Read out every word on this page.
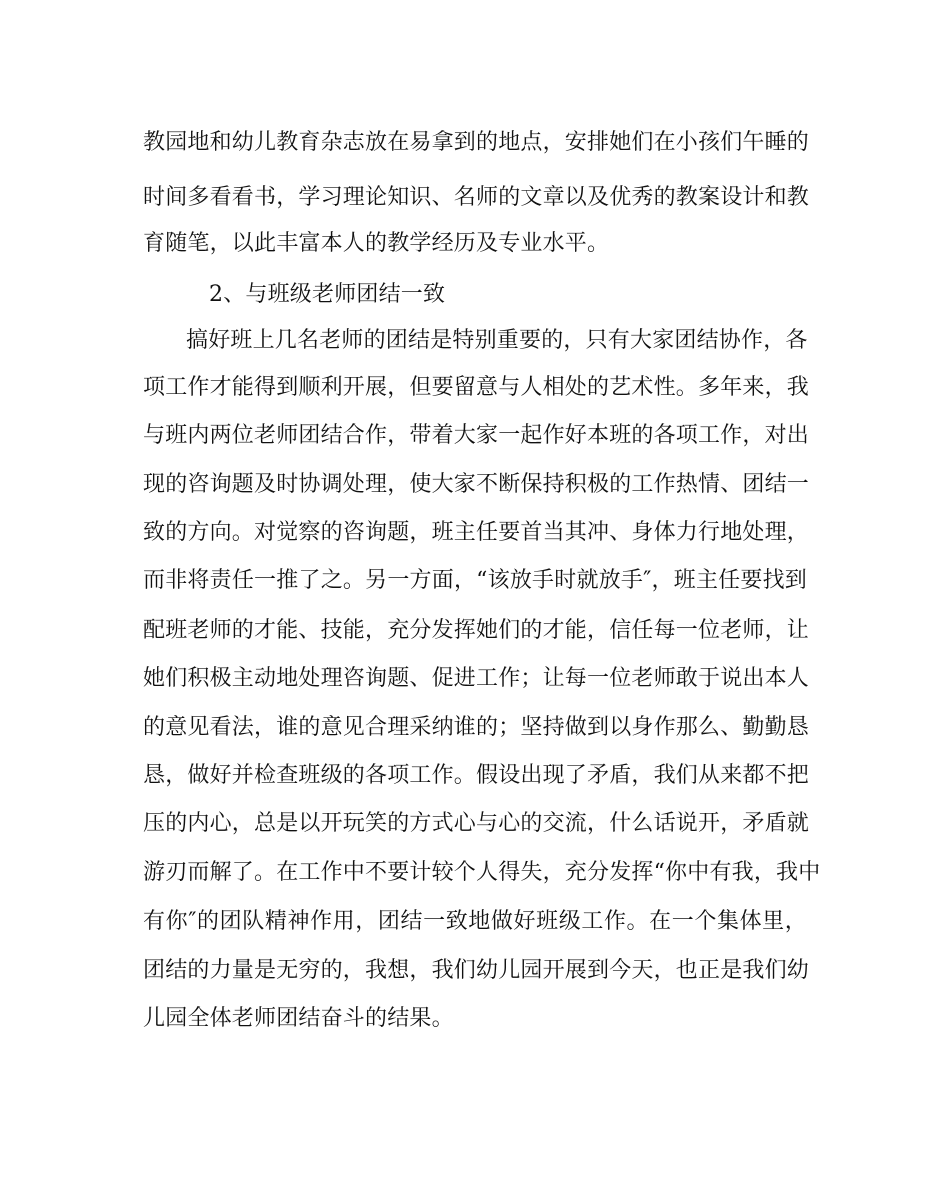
教园地和幼儿教育杂志放在易拿到的地点，安排她们在小孩们午睡的
时间多看看书，学习理论知识、名师的文章以及优秀的教案设计和教
育随笔，以此丰富本人的教学经历及专业水平。
2、与班级老师团结一致
搞好班上几名老师的团结是特别重要的，只有大家团结协作，各
项工作才能得到顺利开展，但要留意与人相处的艺术性。多年来，我
与班内两位老师团结合作，带着大家一起作好本班的各项工作，对出
现的咨询题及时协调处理，使大家不断保持积极的工作热情、团结一
致的方向。对觉察的咨询题，班主任要首当其冲、身体力行地处理，
而非将责任一推了之。另一方面，“该放手时就放手″，班主任要找到
配班老师的才能、技能，充分发挥她们的才能，信任每一位老师，让
她们积极主动地处理咨询题、促进工作；让每一位老师敢于说出本人
的意见看法，谁的意见合理采纳谁的；坚持做到以身作那么、勤勤恳
恳，做好并检查班级的各项工作。假设出现了矛盾，我们从来都不把
压的内心，总是以开玩笑的方式心与心的交流，什么话说开，矛盾就
游刃而解了。在工作中不要计较个人得失，充分发挥“你中有我，我中
有你″的团队精神作用，团结一致地做好班级工作。在一个集体里，
团结的力量是无穷的，我想，我们幼儿园开展到今天，也正是我们幼
儿园全体老师团结奋斗的结果。
